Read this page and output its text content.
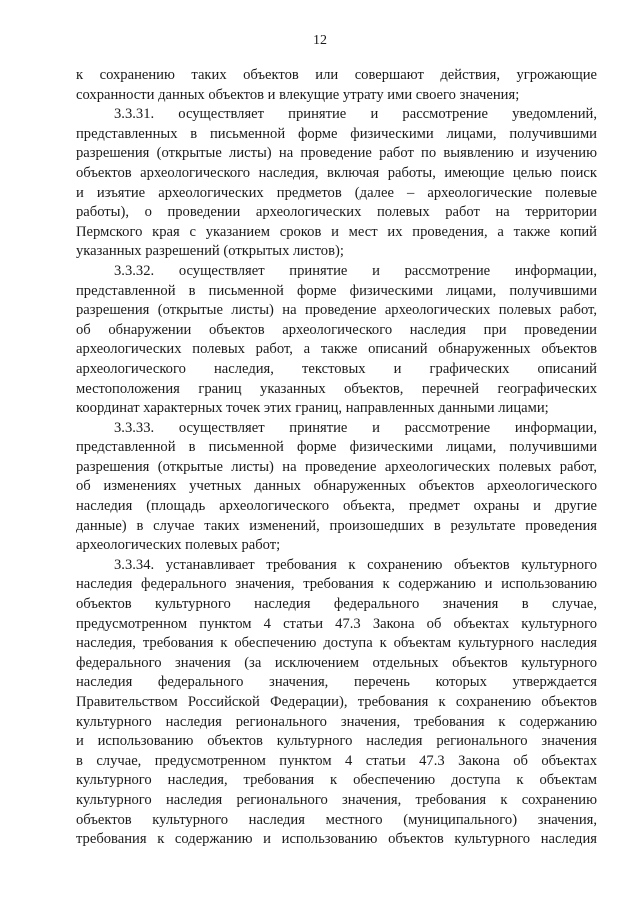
12
к сохранению таких объектов или совершают действия, угрожающие
сохранности данных объектов и влекущие утрату ими своего значения;
3.3.31. осуществляет принятие и рассмотрение уведомлений,
представленных в письменной форме физическими лицами, получившими
разрешения (открытые листы) на проведение работ по выявлению и изучению
объектов археологического наследия, включая работы, имеющие целью поиск
и изъятие археологических предметов (далее – археологические полевые
работы), о проведении археологических полевых работ на территории
Пермского края с указанием сроков и мест их проведения, а также копий
указанных разрешений (открытых листов);
3.3.32. осуществляет принятие и рассмотрение информации,
представленной в письменной форме физическими лицами, получившими
разрешения (открытые листы) на проведение археологических полевых работ,
об обнаружении объектов археологического наследия при проведении
археологических полевых работ, а также описаний обнаруженных объектов
археологического наследия, текстовых и графических описаний
местоположения границ указанных объектов, перечней географических
координат характерных точек этих границ, направленных данными лицами;
3.3.33. осуществляет принятие и рассмотрение информации,
представленной в письменной форме физическими лицами, получившими
разрешения (открытые листы) на проведение археологических полевых работ,
об изменениях учетных данных обнаруженных объектов археологического
наследия (площадь археологического объекта, предмет охраны и другие
данные) в случае таких изменений, произошедших в результате проведения
археологических полевых работ;
3.3.34. устанавливает требования к сохранению объектов культурного
наследия федерального значения, требования к содержанию и использованию
объектов культурного наследия федерального значения в случае,
предусмотренном пунктом 4 статьи 47.3 Закона об объектах культурного
наследия, требования к обеспечению доступа к объектам культурного наследия
федерального значения (за исключением отдельных объектов культурного
наследия федерального значения, перечень которых утверждается
Правительством Российской Федерации), требования к сохранению объектов
культурного наследия регионального значения, требования к содержанию
и использованию объектов культурного наследия регионального значения
в случае, предусмотренном пунктом 4 статьи 47.3 Закона об объектах
культурного наследия, требования к обеспечению доступа к объектам
культурного наследия регионального значения, требования к сохранению
объектов культурного наследия местного (муниципального) значения,
требования к содержанию и использованию объектов культурного наследия
